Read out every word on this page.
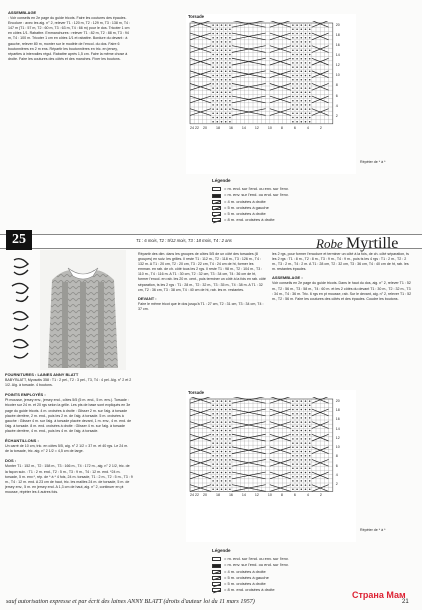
ASSEMBLAGE
: Voir conseils en 2e page du guide tricots. Faire les coutures des épaules. Encolure : avec les aig. n° 2, relever T1 : 120 m, T2 : 129 m, T3 : 138 m, T4 : 147 m (T1 : 57 m, T2 : 60 m, T3 : 63 m, T4 : 66 m) pour le dos. Tricoter 1 cm en côtes 1/1. Rabattre. Emmanchures : relever T1 : 82 m, T2 : 88 m, T3 : 94 m, T4 : 100 m. Tricoter 1 cm en côtes 1/1 et rabattre. Bordure du devant : à gauche, relever 80 m, monter sur le modèle de l'encol. du dos. Faire 6 boutonnières en 2 m ens. Répartir les boutonnières en tric. en jersey, réparties à intervalles régul. Rabattre après 1,5 cm. Faire la même chose à droite. Faire les coutures des côtés et des manches. Fixer les boutons.
Torsade
20
18
16
14
12
10
8
6
4
2
24 22 20 18 16 14 12 10 8	6	4	2
Répéter de * à *
Légende
= m. end. sur l'end. ou env. sur l'env.
= m. env. sur l'end. ou end. sur l'env.
= 4 m. croisées à droite
= 5 m. croisées à gauche
= 5 m. croisées à droite
= 8 m. end. croisées à droite
25	T1 : 6 mois, T2 : 9/12 mois, T3 : 18 mois, T4 : 2 ans	Robe Myrtille
FOURNITURES : LAINES ANNY BLATT
BABY'BLATT, Myosotis 358 : T1 : 2 pel., T2 : 3 pel., T3, T4 : 4 pel. Aig. n° 2 et 2 1/2. Aig. à torsade. 4 boutons.
POINTS EMPLOYÉS :
Pt mousse, jersey env., jersey end., côtes 5/5 (5 m. end., 5 m. env.). Torsade : tricoter sur 24 m. et 20 rgs selon la grille. Les pts de base sont expliqués en 3e page du guide tricots. 4 m. croisées à droite : Glisser 2 m. sur l'aig. à torsade placée derrière, 2 m. end., puis les 2 m. de l'aig. à torsade. 5 m. croisées à gauche : Glisser 4 m. sur l'aig. à torsade placée devant, 1 m. env., 4 m. end. de l'aig. à torsade. 8 m. end. croisées à droite : Glisser 4 m. sur l'aig. à torsade placée derrière, 4 m. end., puis les 4 m. de l'aig. à torsade.
ÉCHANTILLONS :
Un carré de 10 cm, tric. en côtes 5/5, aig. n° 2 1/2 = 37 m. et 40 rgs. Le 24 m. de la torsade, tric. aig. n° 2 1/2 = 4,5 cm de large.
DOS :
Monter T1 : 152 m., T2 : 158 m., T3 : 166 m., T4 : 172 m., aig. n° 2 1/2, tric. de la façon suiv. : T1 : 2 m. end., T2 : 5 m., T3 : 9 m., T4 : 12 m. end. *24 m. torsade, 5 m. env.*, rép. de * à * 4 fois, 24 m. torsade, T1 : 2 m., T2 : 5 m., T3 : 9 m., T4 : 12 m. end. A 23 cm de haut, tric. les mailles 24 m. de torsade, 5 m. de jersey env., 5 m. en jersey end. A 1,3 cm de haut, aig. n° 2, continuer en pt mousse, répéter les 4 autres fois.
Répartir des dim. dans les groupes de côtes 5/5 de un côté des torsades (8 groupes) en suiv. les grilles. Il reste T1 : 112 m., T2 : 118 m., T3 : 126 m., T4 : 132 m. A T1 : 20 cm, T2 : 20 cm, T3 : 22 cm, T4 : 24 cm de ht, former les emman. en rab. de ch. côté tous les 2 rgs. Il reste T1 : 98 m., T2 : 104 m., T3 : 110 m., T4 : 116 m. A T1 : 30 cm, T2 : 32 cm, T3 : 34 cm, T4 : 36 cm de ht, former l'encol. en rab. les 20 m. cent., puis terminer un côté à la fois en rab. côté séparation, ts les 2 rgs : T1 : 28 m., T2 : 32 m., T3 : 35 m., T4 : 38 m. A T1 : 32 cm, T2 : 36 cm, T3 : 38 cm, T4 : 40 cm de ht, rab. les m. restantes.
DEVANT :
Faire le même tricot que le dos jusqu'à T1 : 27 cm, T2 : 31 cm, T3 : 34 cm, T4 : 37 cm.
les 2 rgs, pour former l'encolure et terminer un côté à la fois, de ch. côté séparation, ts les 2 rgs : T1 : 8 m., T2 : 8 m., T3 : 9 m., T4 : 9 m., puis ts les 4 rgs : T1 : 2 m., T2 : 2 m., T3 : 2 m., T4 : 2 m. A T1 : 28 cm, T2 : 32 cm, T3 : 36 cm, T4 : 40 cm de ht, rab. les m. restantes épaules.
ASSEMBLAGE :
Voir conseils en 2e page du guide tricots. Dans le haut du dos, aig. n° 2, relever T1 : 52 m., T2 : 56 m., T3 : 58 m., T4 : 60 m. et les 2 côtés du devant T1 : 30 m., T2 : 32 m., T3 : 34 m., T4 : 36 m. Tric. 6 rgs en pt mousse, rab. Sur le devant, aig. n° 2, relever T1 : 52 m., T2 : 56 m. Faire les coutures des côtés et des épaules. Coudre les boutons.
Torsade
20
18
16
14
12
10
8
6
4
2
24 22 20 18 16 14 12 10 8	6	4	2
Répéter de * à *
Légende
= m. end. sur l'end. ou env. sur l'env.
= m. env. sur l'end. ou end. sur l'env.
= 4 m. croisées à droite
= 5 m. croisées à gauche
= 5 m. croisées à droite
= 8 m. end. croisées à droite
sauf autorisation expresse et par écrit des laines ANNY BLATT (droits d'auteur loi du 11 mars 1957)
Страна Мам
21
